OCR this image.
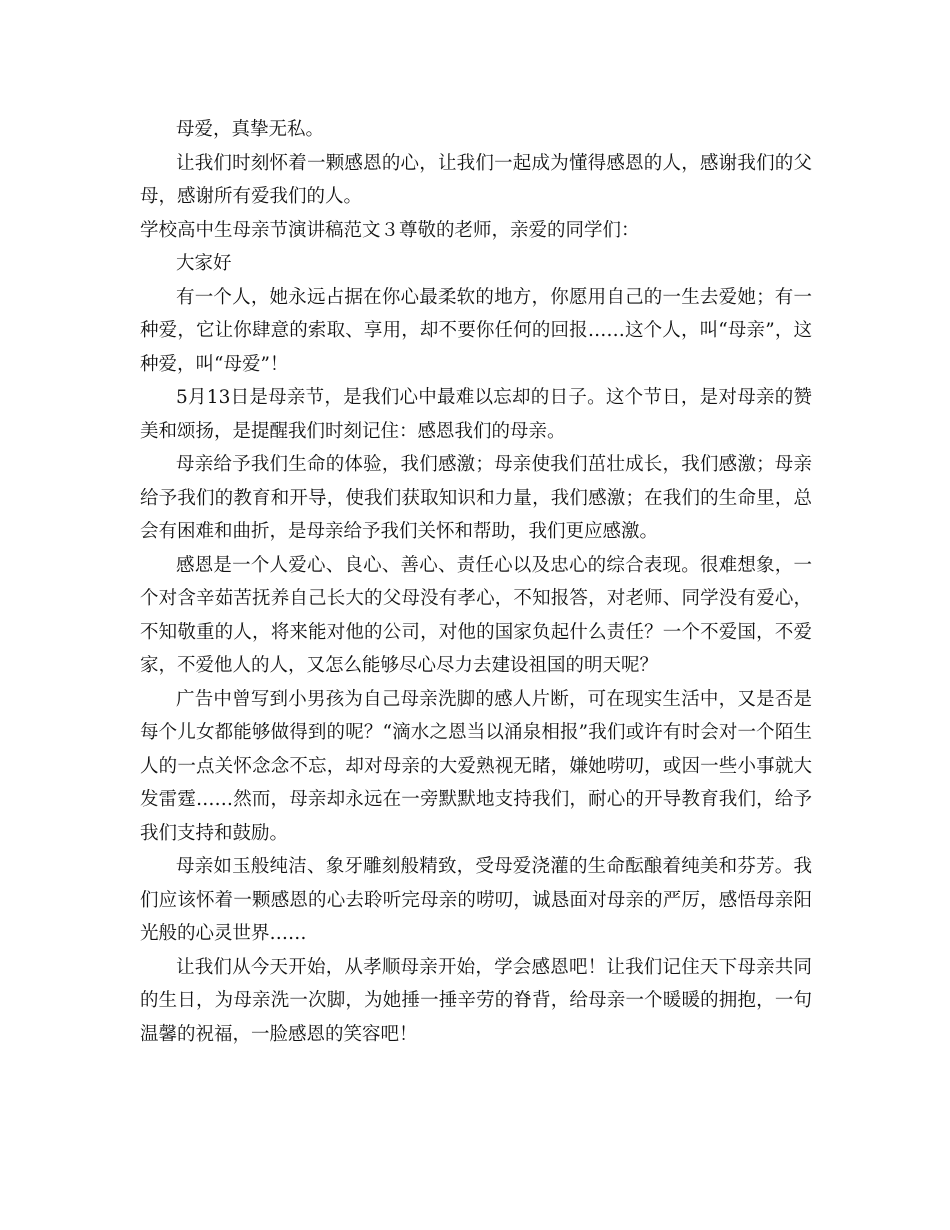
母爱，真挚无私。

让我们时刻怀着一颗感恩的心，让我们一起成为懂得感恩的人，感谢我们的父母，感谢所有爱我们的人。

学校高中生母亲节演讲稿范文３尊敬的老师，亲爱的同学们：

大家好

有一个人，她永远占据在你心最柔软的地方，你愿用自己的一生去爱她；有一种爱，它让你肆意的索取、享用，却不要你任何的回报……这个人，叫“母亲”，这种爱，叫“母爱”！

5月13日是母亲节，是我们心中最难以忘却的日子。这个节日，是对母亲的赞美和颂扬，是提醒我们时刻记住：感恩我们的母亲。

母亲给予我们生命的体验，我们感激；母亲使我们茁壮成长，我们感激；母亲给予我们的教育和开导，使我们获取知识和力量，我们感激；在我们的生命里，总会有困难和曲折，是母亲给予我们关怀和帮助，我们更应感激。

感恩是一个人爱心、良心、善心、责任心以及忠心的综合表现。很难想象，一个对含辛茹苦抚养自己长大的父母没有孝心，不知报答，对老师、同学没有爱心，不知敬重的人，将来能对他的公司，对他的国家负起什么责任？一个不爱国，不爱家，不爱他人的人，又怎么能够尽心尽力去建设祖国的明天呢？

广告中曾写到小男孩为自己母亲洗脚的感人片断，可在现实生活中，又是否是每个儿女都能够做得到的呢？“滴水之恩当以涌泉相报”我们或许有时会对一个陌生人的一点关怀念念不忘，却对母亲的大爱熟视无睹，嫌她唠叨，或因一些小事就大发雷霆……然而，母亲却永远在一旁默默地支持我们，耐心的开导教育我们，给予我们支持和鼓励。

母亲如玉般纯洁、象牙雕刻般精致，受母爱浇灌的生命酝酿着纯美和芬芳。我们应该怀着一颗感恩的心去聆听完母亲的唠叨，诚恳面对母亲的严厉，感悟母亲阳光般的心灵世界……

让我们从今天开始，从孝顺母亲开始，学会感恩吧！让我们记住天下母亲共同的生日，为母亲洗一次脚，为她捶一捶辛劳的脊背，给母亲一个暖暖的拥抱，一句温馨的祝福，一脸感恩的笑容吧！
